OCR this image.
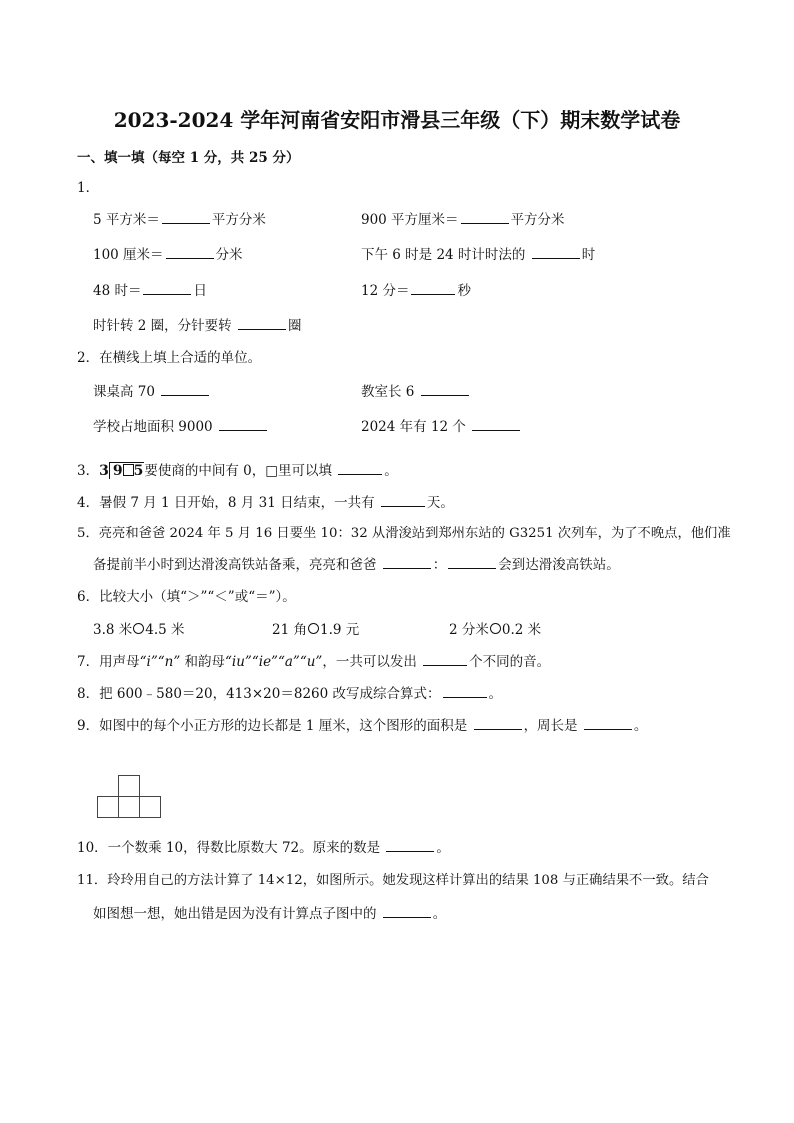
2023-2024 学年河南省安阳市滑县三年级（下）期末数学试卷
一、填一填（每空 1 分，共 25 分）
1．
5 平方米＝	平方分米	900 平方厘米＝	平方分米
100 厘米＝	分米	下午 6 时是 24 时计时法的	时
48 时＝	日	12 分＝	秒
时针转 2 圈，分针要转	圈
2．在横线上填上合适的单位。
课桌高 70	教室长 6
学校占地面积 9000	2024 年有 12 个
3．3 9 5要使商的中间有 0，□里可以填	。
4．暑假 7 月 1 日开始，8 月 31 日结束，一共有	天。
5．亮亮和爸爸 2024 年 5 月 16 日要坐 10：32 从滑浚站到郑州东站的 G3251 次列车，为了不晚点，他们准
备提前半小时到达滑浚高铁站备乘，亮亮和爸爸	：	会到达滑浚高铁站。
6．比较大小（填“＞”“＜”或“＝”）。
3.8 米 4.5 米	21 角 1.9 元	2 分米 0.2 米
7．用声母“i”“n” 和韵母“iu”“ie”“a”“u”，一共可以发出	个不同的音。
8．把 600﹣580＝20，413×20＝8260 改写成综合算式：	。
9．如图中的每个小正方形的边长都是 1 厘米，这个图形的面积是	，周长是	。
10．一个数乘 10，得数比原数大 72。原来的数是	。
11．玲玲用自己的方法计算了 14×12，如图所示。她发现这样计算出的结果 108 与正确结果不一致。结合
如图想一想，她出错是因为没有计算点子图中的	。
